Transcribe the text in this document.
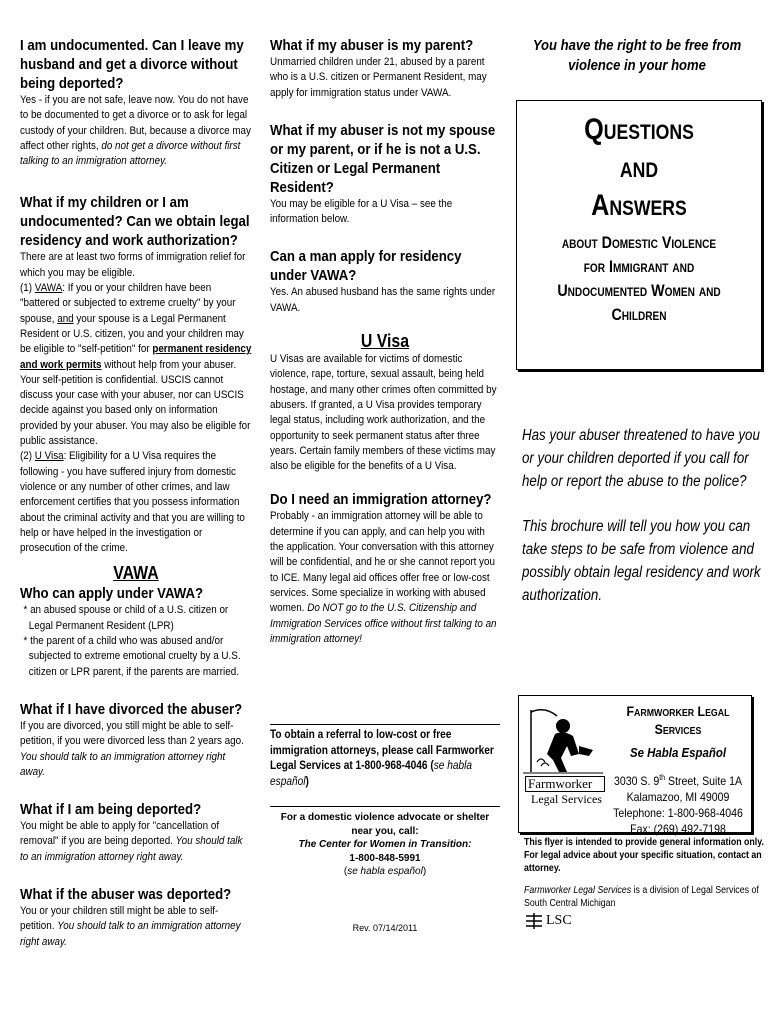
I am undocumented. Can I leave my husband and get a divorce without being deported?

Yes - if you are not safe, leave now. You do not have to be documented to get a divorce or to ask for legal custody of your children. But, because a divorce may affect other rights, do not get a divorce without first talking to an immigration attorney.

What if my children or I am undocumented? Can we obtain legal residency and work authorization?

There are at least two forms of immigration relief for which you may be eligible.

(1) VAWA: If you or your children have been "battered or subjected to extreme cruelty" by your spouse, and your spouse is a Legal Permanent Resident or U.S. citizen, you and your children may be eligible to "self-petition" for permanent residency and work permits without help from your abuser. Your self-petition is confidential. USCIS cannot discuss your case with your abuser, nor can USCIS decide against you based only on information provided by your abuser. You may also be eligible for public assistance.

(2) U Visa: Eligibility for a U Visa requires the following - you have suffered injury from domestic violence or any number of other crimes, and law enforcement certifies that you possess information about the criminal activity and that you are willing to help or have helped in the investigation or prosecution of the crime.

VAWA
Who can apply under VAWA?

* an abused spouse or child of a U.S. citizen or Legal Permanent Resident (LPR)

* the parent of a child who was abused and/or subjected to extreme emotional cruelty by a U.S. citizen or LPR parent, if the parents are married.

What if I have divorced the abuser?

If you are divorced, you still might be able to self-petition, if you were divorced less than 2 years ago. You should talk to an immigration attorney right away.

What if I am being deported?

You might be able to apply for "cancellation of removal" if you are being deported. You should talk to an immigration attorney right away.

What if the abuser was deported?

You or your children still might be able to self-petition. You should talk to an immigration attorney right away.

What if my abuser is my parent?

Unmarried children under 21, abused by a parent who is a U.S. citizen or Permanent Resident, may apply for immigration status under VAWA.

What if my abuser is not my spouse or my parent, or if he is not a U.S. Citizen or Legal Permanent Resident?

You may be eligible for a U Visa – see the information below.

Can a man apply for residency under VAWA?

Yes. An abused husband has the same rights under VAWA.

U Visa

U Visas are available for victims of domestic violence, rape, torture, sexual assault, being held hostage, and many other crimes often committed by abusers. If granted, a U Visa provides temporary legal status, including work authorization, and the opportunity to seek permanent status after three years. Certain family members of these victims may also be eligible for the benefits of a U Visa.

Do I need an immigration attorney?

Probably - an immigration attorney will be able to determine if you can apply, and can help you with the application. Your conversation with this attorney will be confidential, and he or she cannot report you to ICE. Many legal aid offices offer free or low-cost services. Some specialize in working with abused women. Do NOT go to the U.S. Citizenship and Immigration Services office without first talking to an immigration attorney!

To obtain a referral to low-cost or free immigration attorneys, please call Farmworker Legal Services at 1-800-968-4046 (se habla español)

For a domestic violence advocate or shelter near you, call:

The Center for Women in Transition:

1-800-848-5991

(se habla español)

Rev. 07/14/2011

You have the right to be free from violence in your home

Questions

and

Answers

about Domestic Violence

for Immigrant and

Undocumented Women and

Children

Has your abuser threatened to have you or your children deported if you call for help or report the abuse to the police?

This brochure will tell you how you can take steps to be safe from violence and possibly obtain legal residency and work authorization.

Farmworker
Legal Services

Farmworker Legal Services

Se Habla Español

3030 S. 9th Street, Suite 1A

Kalamazoo, MI 49009

Telephone: 1-800-968-4046

Fax: (269) 492-7198

This flyer is intended to provide general information only. For legal advice about your specific situation, contact an attorney.

Farmworker Legal Services is a division of Legal Services of South Central Michigan

LSC
